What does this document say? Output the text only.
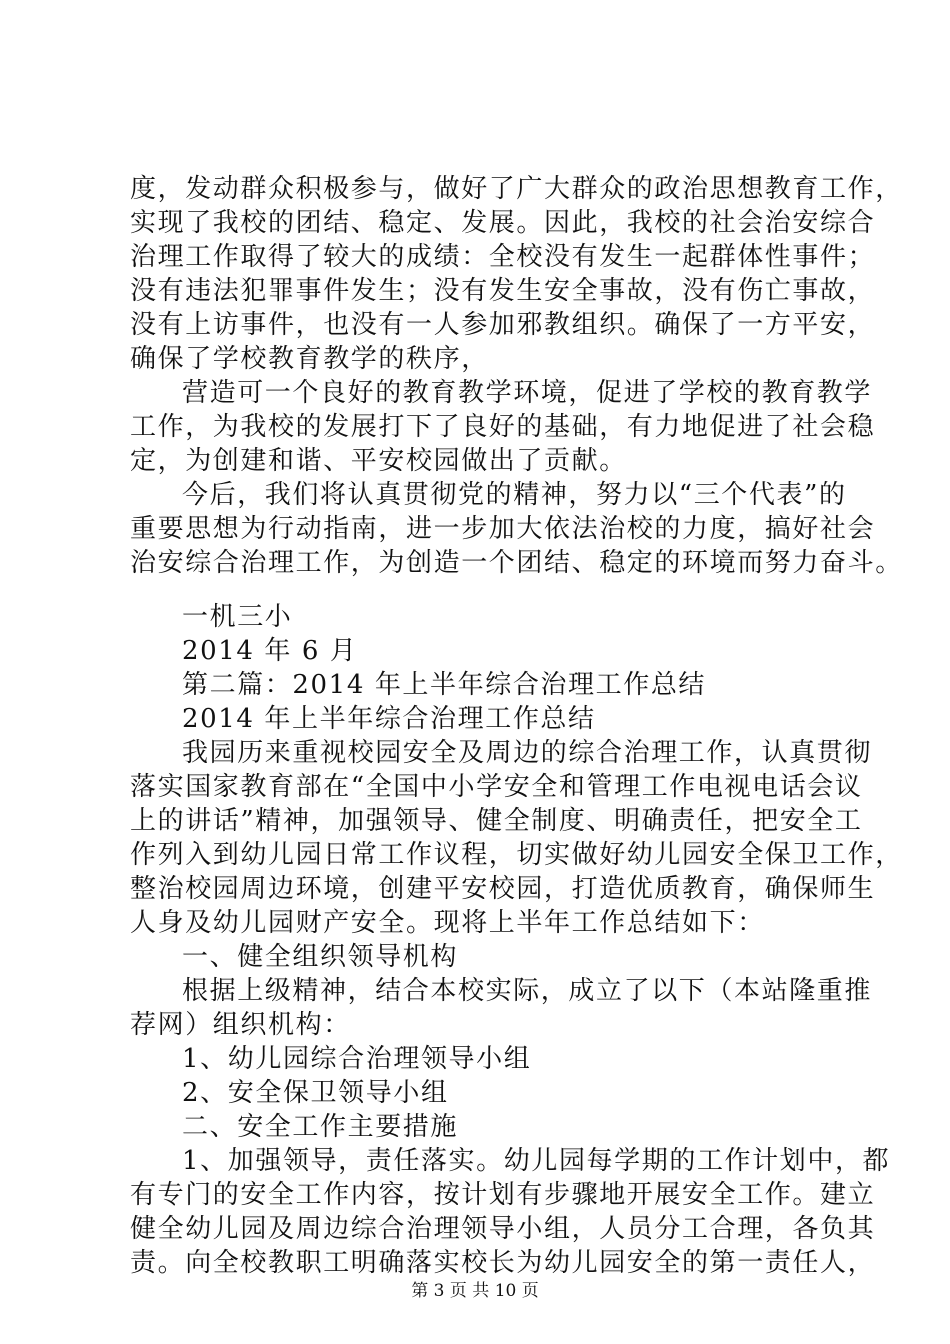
度，发动群众积极参与，做好了广大群众的政治思想教育工作，
实现了我校的团结、稳定、发展。因此，我校的社会治安综合
治理工作取得了较大的成绩：全校没有发生一起群体性事件；
没有违法犯罪事件发生；没有发生安全事故，没有伤亡事故，
没有上访事件，也没有一人参加邪教组织。确保了一方平安，
确保了学校教育教学的秩序，
营造可一个良好的教育教学环境，促进了学校的教育教学
工作，为我校的发展打下了良好的基础，有力地促进了社会稳
定，为创建和谐、平安校园做出了贡献。
今后，我们将认真贯彻党的精神，努力以“三个代表”的
重要思想为行动指南，进一步加大依法治校的力度，搞好社会
治安综合治理工作，为创造一个团结、稳定的环境而努力奋斗。
一机三小
2014 年 6 月
第二篇：2014 年上半年综合治理工作总结
2014 年上半年综合治理工作总结
我园历来重视校园安全及周边的综合治理工作，认真贯彻
落实国家教育部在“全国中小学安全和管理工作电视电话会议
上的讲话”精神，加强领导、健全制度、明确责任，把安全工
作列入到幼儿园日常工作议程，切实做好幼儿园安全保卫工作，
整治校园周边环境，创建平安校园，打造优质教育，确保师生
人身及幼儿园财产安全。现将上半年工作总结如下：
一、健全组织领导机构
根据上级精神，结合本校实际，成立了以下（本站隆重推
荐网）组织机构：
1、幼儿园综合治理领导小组
2、安全保卫领导小组
二、安全工作主要措施
1、加强领导，责任落实。幼儿园每学期的工作计划中，都
有专门的安全工作内容，按计划有步骤地开展安全工作。建立
健全幼儿园及周边综合治理领导小组，人员分工合理，各负其
责。向全校教职工明确落实校长为幼儿园安全的第一责任人，
第 3 页 共 10 页
